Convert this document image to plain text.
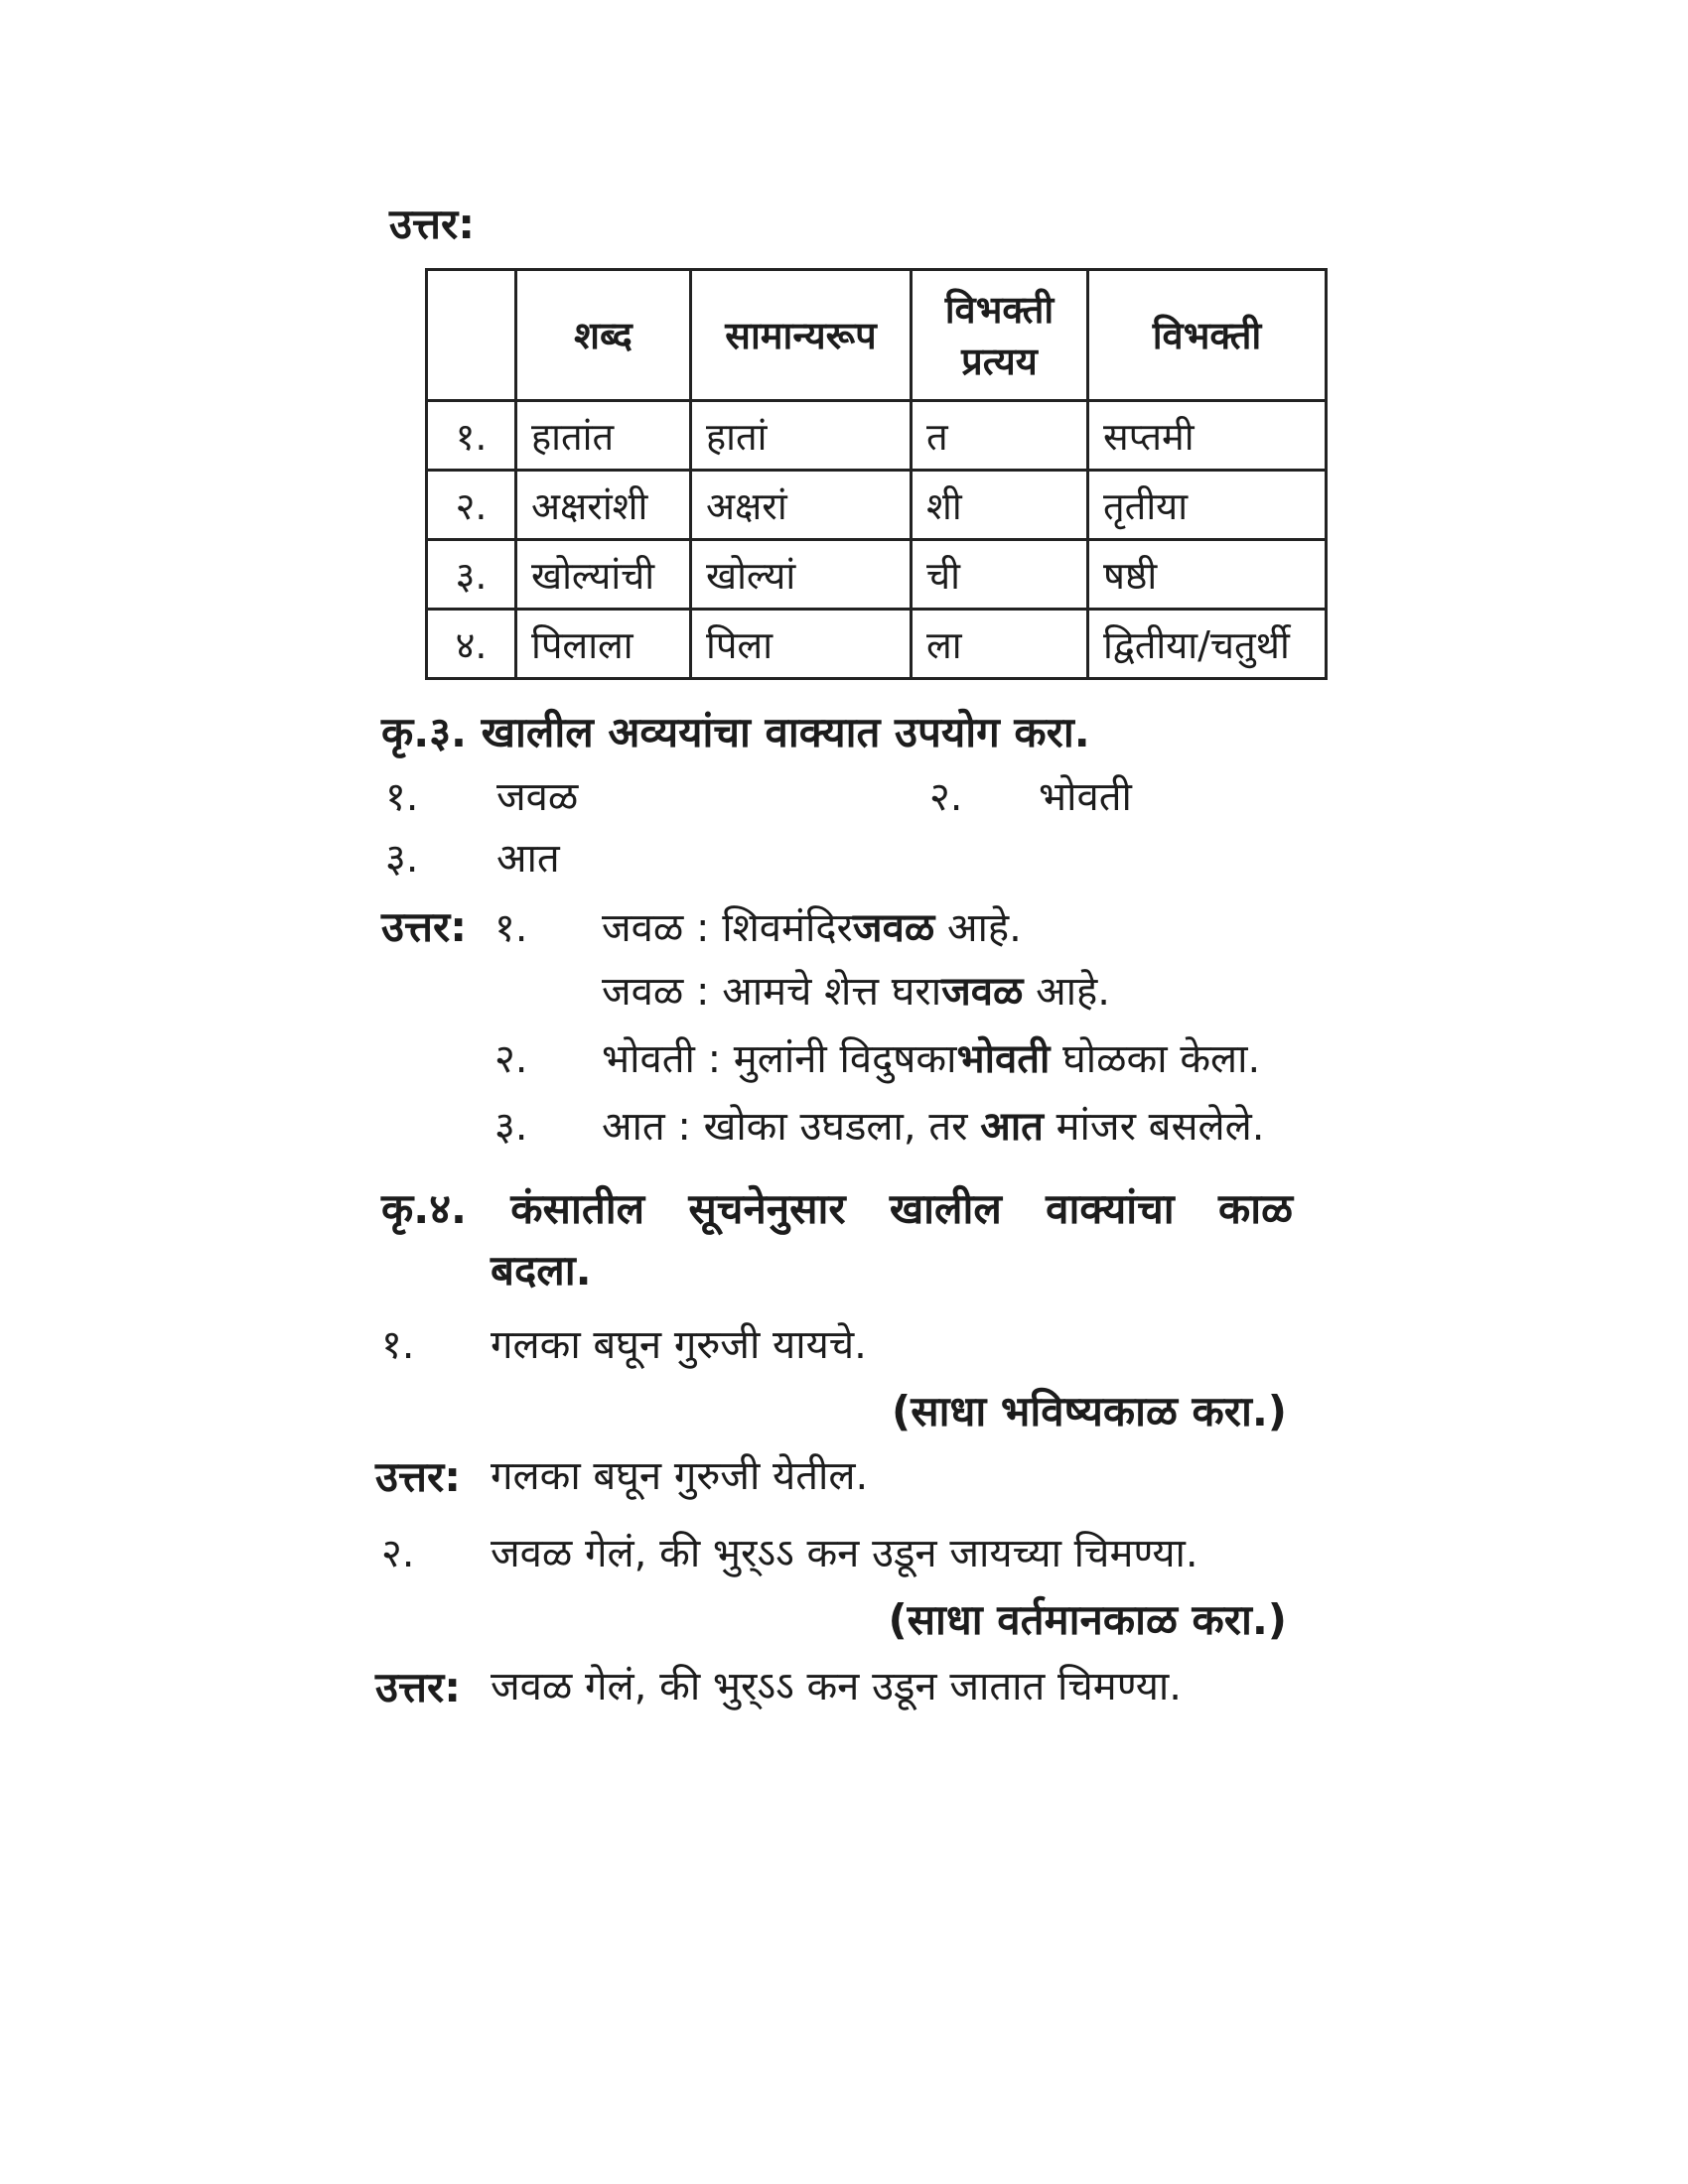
उत्तर:
	शब्द	सामान्यरूप	विभक्ती प्रत्यय	विभक्ती
१.	हातांत	हातां	त	सप्तमी
२.	अक्षरांशी	अक्षरां	शी	तृतीया
३.	खोल्यांची	खोल्यां	ची	षष्ठी
४.	पिलाला	पिला	ला	द्वितीया/चतुर्थी
कृ.३. खालील अव्ययांचा वाक्यात उपयोग करा.
१. जवळ	२. भोवती
३. आत
उत्तर: १. जवळ : शिवमंदिरजवळ आहे.
जवळ : आमचे शेत्त घराजवळ आहे.
२. भोवती : मुलांनी विदुषकाभोवती घोळका केला.
३. आत : खोका उघडला, तर आत मांजर बसलेले.
कृ.४. कंसातील सूचनेनुसार खालील वाक्यांचा काळ
बदला.
१. गलका बघून गुरुजी यायचे.
(साधा भविष्यकाळ करा.)
उत्तर: गलका बघून गुरुजी येतील.
२. जवळ गेलं, की भुर्ऽऽ कन उडून जायच्या चिमण्या.
(साधा वर्तमानकाळ करा.)
उत्तर: जवळ गेलं, की भुर्ऽऽ कन उडून जातात चिमण्या.
